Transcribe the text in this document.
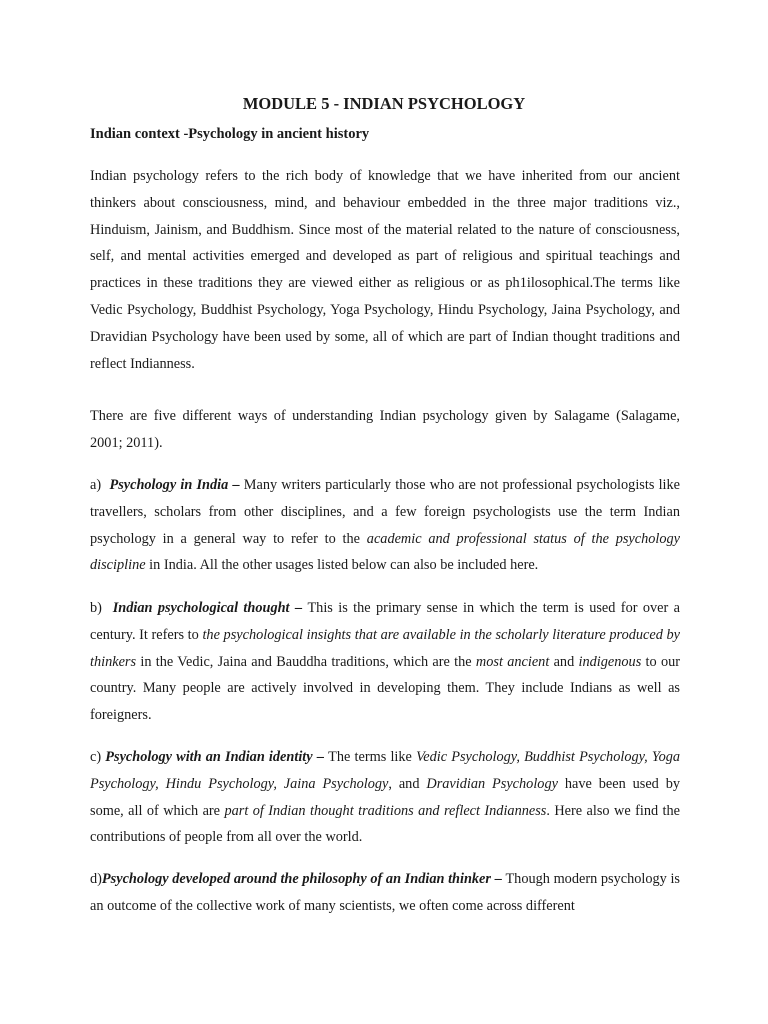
MODULE 5 - INDIAN PSYCHOLOGY
Indian context -Psychology in ancient history

Indian psychology refers to the rich body of knowledge that we have inherited from our ancient thinkers about consciousness, mind, and behaviour embedded in the three major traditions viz., Hinduism, Jainism, and Buddhism. Since most of the material related to the nature of consciousness, self, and mental activities emerged and developed as part of religious and spiritual teachings and practices in these traditions they are viewed either as religious or as ph1ilosophical.The terms like Vedic Psychology, Buddhist Psychology, Yoga Psychology, Hindu Psychology, Jaina Psychology, and Dravidian Psychology have been used by some, all of which are part of Indian thought traditions and reflect Indianness.

There are five different ways of understanding Indian psychology given by Salagame (Salagame, 2001; 2011).

a) Psychology in India – Many writers particularly those who are not professional psychologists like travellers, scholars from other disciplines, and a few foreign psychologists use the term Indian psychology in a general way to refer to the academic and professional status of the psychology discipline in India. All the other usages listed below can also be included here.

b) Indian psychological thought – This is the primary sense in which the term is used for over a century. It refers to the psychological insights that are available in the scholarly literature produced by thinkers in the Vedic, Jaina and Bauddha traditions, which are the most ancient and indigenous to our country. Many people are actively involved in developing them. They include Indians as well as foreigners.

c) Psychology with an Indian identity – The terms like Vedic Psychology, Buddhist Psychology, Yoga Psychology, Hindu Psychology, Jaina Psychology, and Dravidian Psychology have been used by some, all of which are part of Indian thought traditions and reflect Indianness. Here also we find the contributions of people from all over the world.

d)Psychology developed around the philosophy of an Indian thinker – Though modern psychology is an outcome of the collective work of many scientists, we often come across different
